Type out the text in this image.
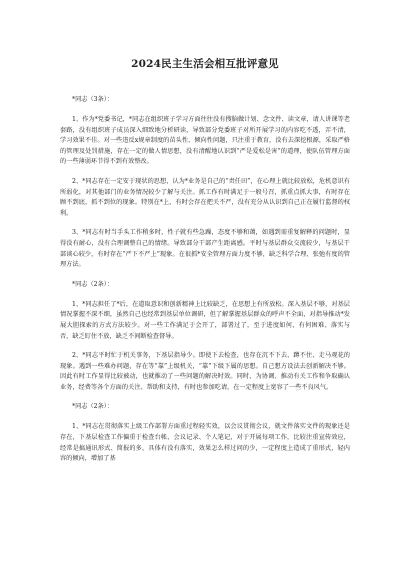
2024民主生活会相互批评意见
*同志（3条）：
1、作为*党委书记，*同志在组织班子学习方面往往没有搜脑做计划、念文件、读文章，请人讲课等老套路，没有组织班子成员深入细致地分析研读，导致部分党委班子对所开展学习的内容吃不透，弄不清，学习效果不佳。对一些违反x规章制度的苗头性、倾向性问题，只注重于教育，没有去深挖根源，采取严格的管理及处罚措施，存在一定的做人情思想，没有清醒地认识到“严是爱松是害”的道理，使队伍管理方面的一些薄弱环节得不到有效整改。
2、*同志存在一定安于现状的思想，认为*业务是自己的“责任田”，在心理上就比较放松，危机意识有所弱化，对其他部门的业务情况较少了解与关注。抓工作有时满足于一般号召，抓重点抓大事，有时存在顾不到底，抓不到位的现象。特别在*上，有时会存在把关不严，没有充分从认识到自己正在履行监督的权利。
3、*同志有时当手头工作稍多时，性子就有些急躁，态度不够和蔼，如遇到需重复解释的问题时，显得没有耐心，没有合理调整自己的情绪。导致部分干部产生距离感。平时与基层群众交流较少，与基层干部谈心较少，有时存在“严下不严上”现象。在很抓*安全管理方面力度不够，缺乏科学合理、张弛有度的管理方法。
*同志（2条）：
1、*同志担任了*后，在道取意识和创新精神上比较缺乏，在思想上有所放松。深入基层不够，对基层情况掌握不深不细，虽然自己也经常到基层单位调研，但了解掌握基层群众的呼声不全面，对指导推动*发展大胆探索的方式方法较少。对一些工作满足于会开了，部署过了，至于进度如何，有何困难、落实与否，缺乏盯住不放，缺乏不间断检查督导。
2、*同志平时忙于机关事务，下基层指导少。即使下去检查，也存在沉不下去、蹲不住、走马观花的现象。遇到一些难办问题，存在等“靠”上级机关，“靠”下级下属的思想。自己想方设法去创新解决不够。因此有时工作显得比较被动，也就推动了一些问题的解决时效。同时，为协调、推动有关工作和争取确认业务，经费等各个方面的关注、帮助和支持，有时也参加吃请，在一定程度上宽容了一些不良风气。
*同志（2条）：
1、*同志在贯彻落实上级工作部署方面重过程轻实效，以会议贯彻会议，就文件落实文件的现象还是存在，下基层检查工作偏重于检查台帐、会议记录、个人笔记，对于开展每项工作，比较注重宣传效应，经常是搞通讯形式、简报的多，具体有没有落实，效果怎么样过问的少，一定程度上造成了重形式，轻内容的倾向，增加了基
